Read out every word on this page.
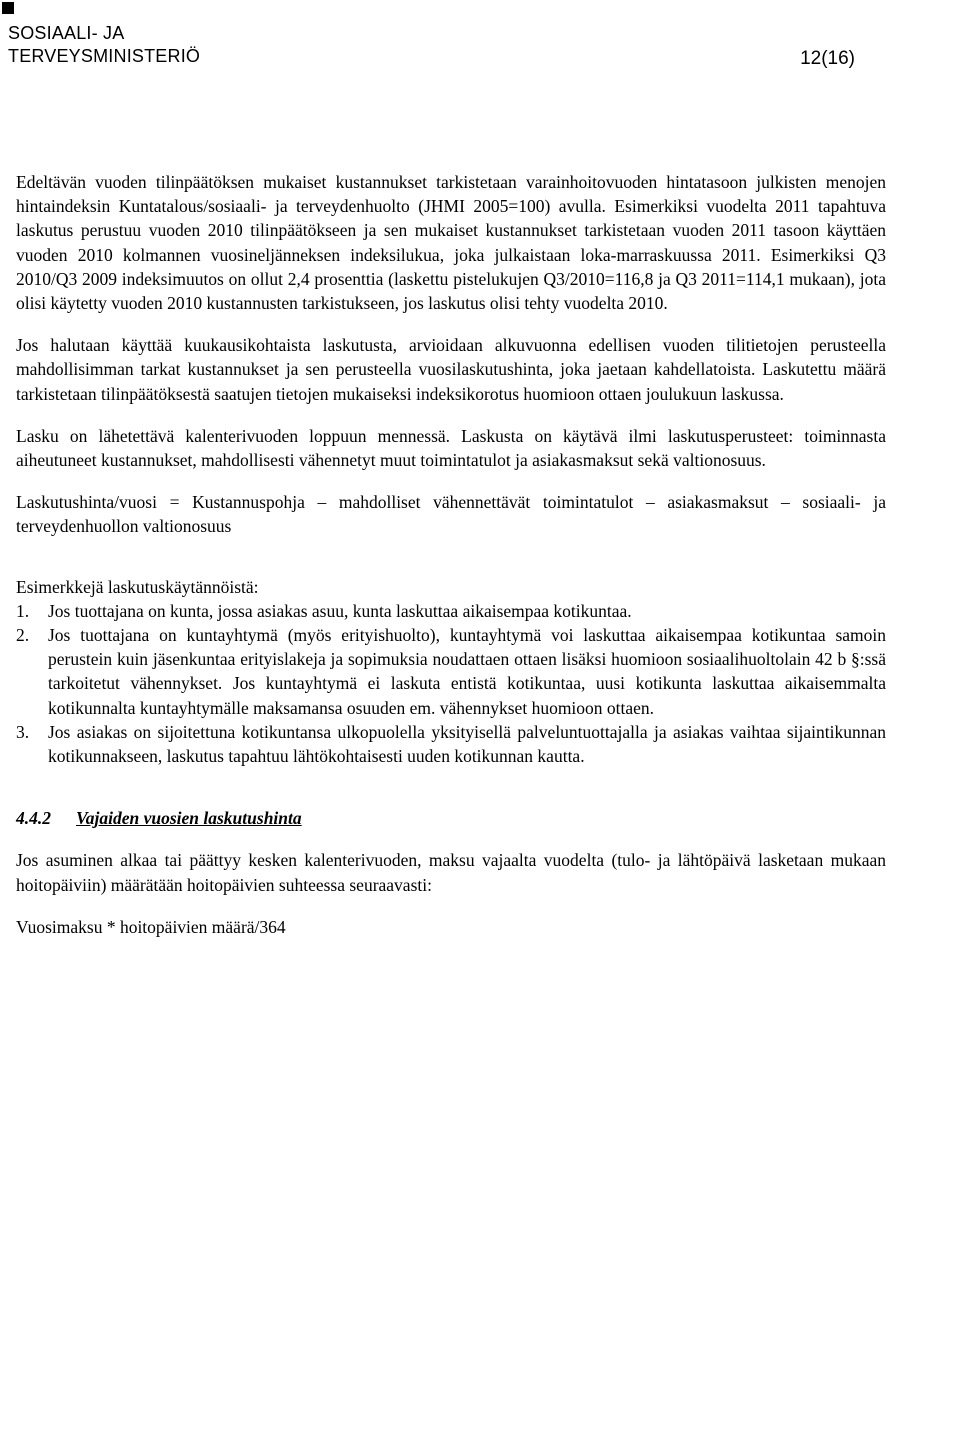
SOSIAALI- JA
TERVEYSMINISTERIÖ	12(16)

Edeltävän vuoden tilinpäätöksen mukaiset kustannukset tarkistetaan varainhoitovuoden hintatasoon julkisten menojen hintaindeksin Kuntatalous/sosiaali- ja terveydenhuolto (JHMI 2005=100) avulla. Esimerkiksi vuodelta 2011 tapahtuva laskutus perustuu vuoden 2010 tilinpäätökseen ja sen mukaiset kustannukset tarkistetaan vuoden 2011 tasoon käyttäen vuoden 2010 kolmannen vuosineljänneksen indeksilukua, joka julkaistaan loka-marraskuussa 2011. Esimerkiksi Q3 2010/Q3 2009 indeksimuutos on ollut 2,4 prosenttia (laskettu pistelukujen Q3/2010=116,8 ja Q3 2011=114,1 mukaan), jota olisi käytetty vuoden 2010 kustannusten tarkistukseen, jos laskutus olisi tehty vuodelta 2010.

Jos halutaan käyttää kuukausikohtaista laskutusta, arvioidaan alkuvuonna edellisen vuoden tilitietojen perusteella mahdollisimman tarkat kustannukset ja sen perusteella vuosilaskutushinta, joka jaetaan kahdellatoista. Laskutettu määrä tarkistetaan tilinpäätöksestä saatujen tietojen mukaiseksi indeksikorotus huomioon ottaen joulukuun laskussa.

Lasku on lähetettävä kalenterivuoden loppuun mennessä. Laskusta on käytävä ilmi laskutusperusteet: toiminnasta aiheutuneet kustannukset, mahdollisesti vähennetyt muut toimintatulot ja asiakasmaksut sekä valtionosuus.

Laskutushinta/vuosi = Kustannuspohja – mahdolliset vähennettävät toimintatulot – asiakasmaksut – sosiaali- ja terveydenhuollon valtionosuus

Esimerkkejä laskutuskäytännöistä:

1. Jos tuottajana on kunta, jossa asiakas asuu, kunta laskuttaa aikaisempaa kotikuntaa.
2. Jos tuottajana on kuntayhtymä (myös erityishuolto), kuntayhtymä voi laskuttaa aikaisempaa kotikuntaa samoin perustein kuin jäsenkuntaa erityislakeja ja sopimuksia noudattaen ottaen lisäksi huomioon sosiaalihuoltolain 42 b §:ssä tarkoitetut vähennykset. Jos kuntayhtymä ei laskuta entistä kotikuntaa, uusi kotikunta laskuttaa aikaisemmalta kotikunnalta kuntayhtymälle maksamansa osuuden em. vähennykset huomioon ottaen.
3. Jos asiakas on sijoitettuna kotikuntansa ulkopuolella yksityisellä palveluntuottajalla ja asiakas vaihtaa sijaintikunnan kotikunnakseen, laskutus tapahtuu lähtökohtaisesti uuden kotikunnan kautta.
4.4.2 Vajaiden vuosien laskutushinta

Jos asuminen alkaa tai päättyy kesken kalenterivuoden, maksu vajaalta vuodelta (tulo- ja lähtöpäivä lasketaan mukaan hoitopäiviin) määrätään hoitopäivien suhteessa seuraavasti:

Vuosimaksu * hoitopäivien määrä/364
